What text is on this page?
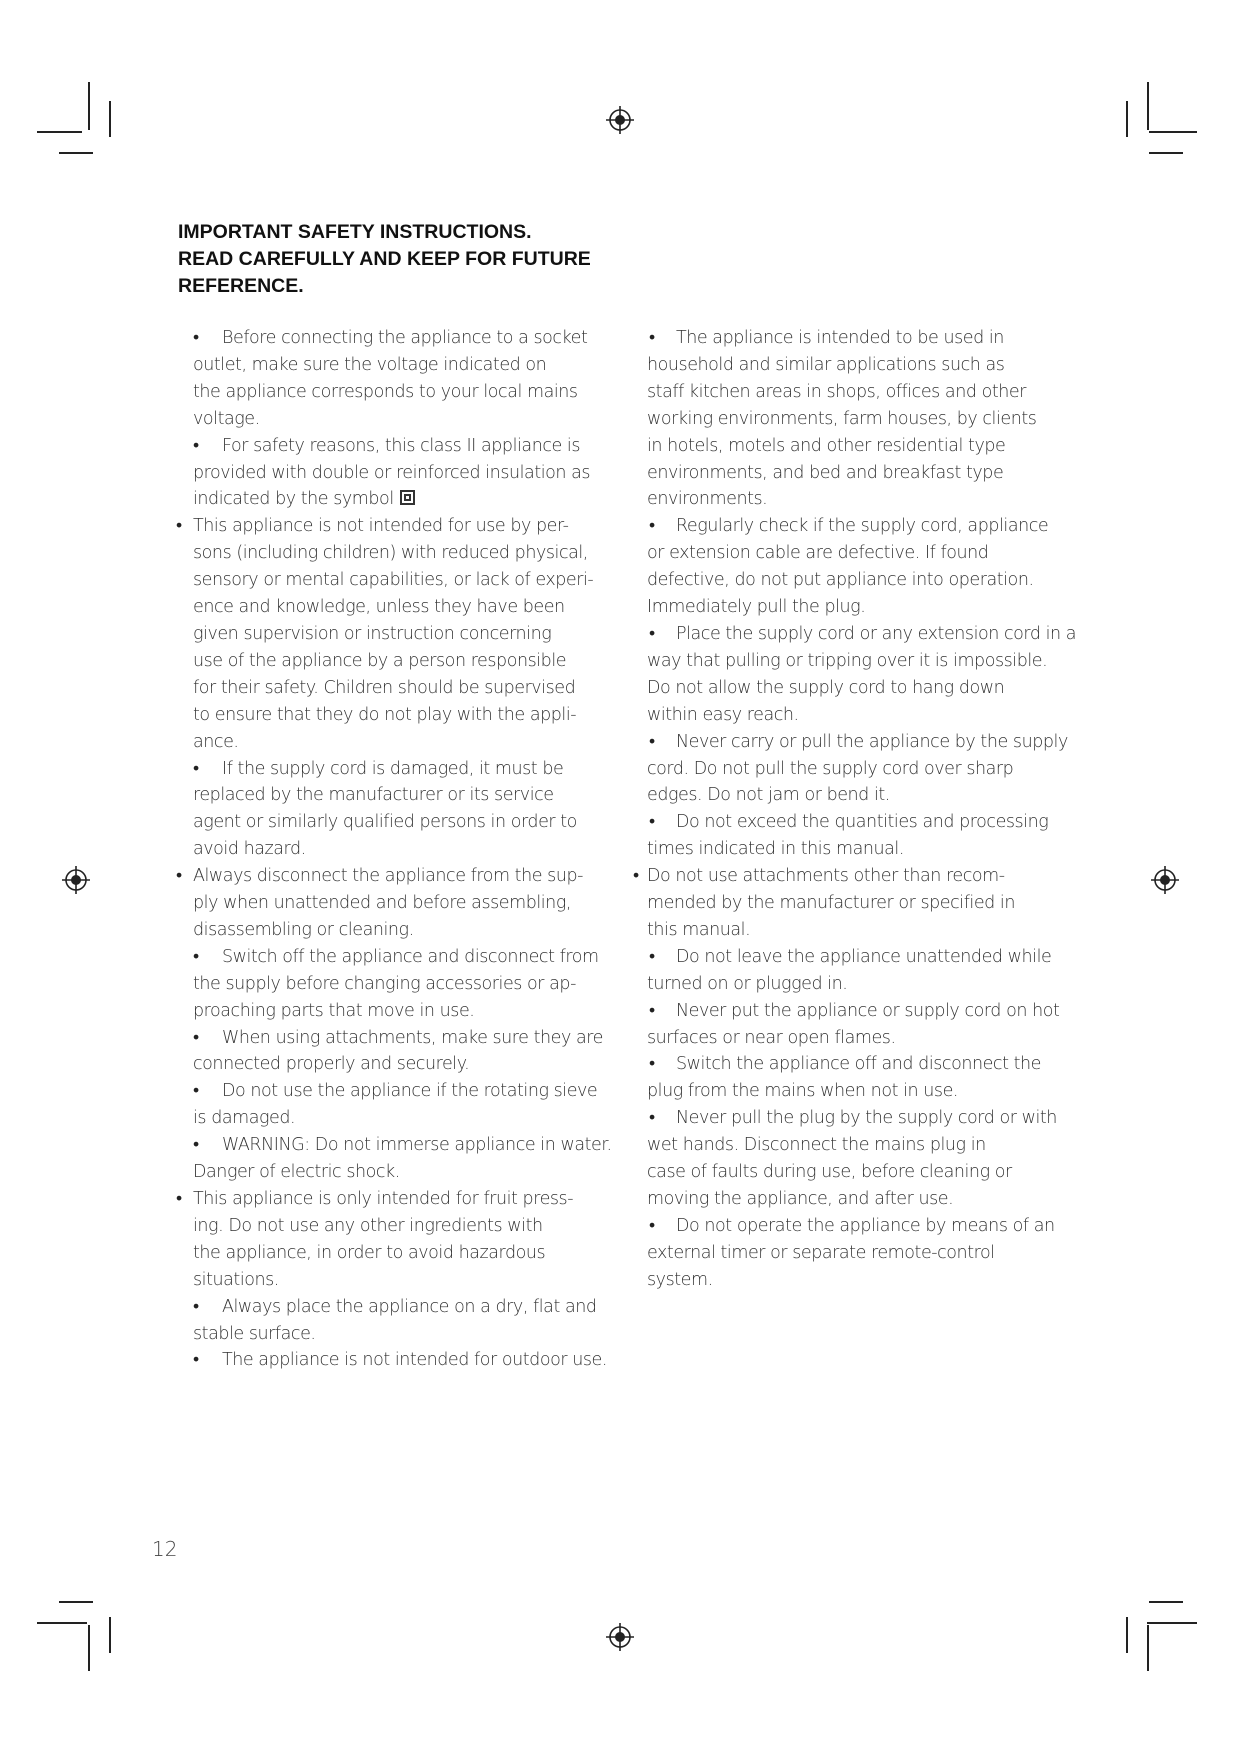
IMPORTANT SAFETY INSTRUCTIONS.
READ CAREFULLY AND KEEP FOR FUTURE
REFERENCE.
•	Before connecting the appliance to a socket
outlet, make sure the voltage indicated on
the appliance corresponds to your local mains
voltage.
•	For safety reasons, this class II appliance is
provided with double or reinforced insulation as
indicated by the symbol
• This appliance is not intended for use by per-
sons (including children) with reduced physical,
sensory or mental capabilities, or lack of experi-
ence and knowledge, unless they have been
given supervision or instruction concerning
use of the appliance by a person responsible
for their safety. Children should be supervised
to ensure that they do not play with the appli-
ance.
•	If the supply cord is damaged, it must be
replaced by the manufacturer or its service
agent or similarly qualified persons in order to
avoid hazard.
• Always disconnect the appliance from the sup-
ply when unattended and before assembling,
disassembling or cleaning.
•	Switch off the appliance and disconnect from
the supply before changing accessories or ap-
proaching parts that move in use.
•	When using attachments, make sure they are
connected properly and securely.
•	Do not use the appliance if the rotating sieve
is damaged.
•	WARNING: Do not immerse appliance in water.
Danger of electric shock.
• This appliance is only intended for fruit press-
ing. Do not use any other ingredients with
the appliance, in order to avoid hazardous
situations.
•	Always place the appliance on a dry, flat and
stable surface.
•	The appliance is not intended for outdoor use.
•	The appliance is intended to be used in
household and similar applications such as
staff kitchen areas in shops, offices and other
working environments, farm houses, by clients
in hotels, motels and other residential type
environments, and bed and breakfast type
environments.
•	Regularly check if the supply cord, appliance
or extension cable are defective. If found
defective, do not put appliance into operation.
Immediately pull the plug.
•	Place the supply cord or any extension cord in a
way that pulling or tripping over it is impossible.
Do not allow the supply cord to hang down
within easy reach.
•	Never carry or pull the appliance by the supply
cord. Do not pull the supply cord over sharp
edges. Do not jam or bend it.
•	Do not exceed the quantities and processing
times indicated in this manual.
• Do not use attachments other than recom-
mended by the manufacturer or specified in
this manual.
•	Do not leave the appliance unattended while
turned on or plugged in.
•	Never put the appliance or supply cord on hot
surfaces or near open flames.
•	Switch the appliance off and disconnect the
plug from the mains when not in use.
•	Never pull the plug by the supply cord or with
wet hands. Disconnect the mains plug in
case of faults during use, before cleaning or
moving the appliance, and after use.
•	Do not operate the appliance by means of an
external timer or separate remote-control
system.
12
